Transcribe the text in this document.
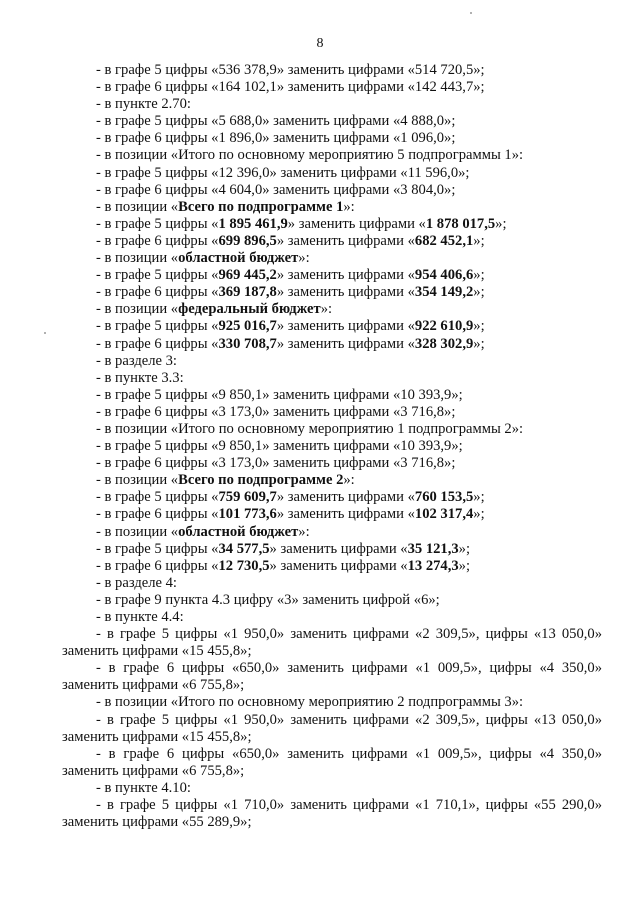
8
- в графе 5 цифры «536 378,9» заменить цифрами «514 720,5»;
- в графе 6 цифры «164 102,1» заменить цифрами «142 443,7»;
- в пункте 2.70:
- в графе 5 цифры «5 688,0» заменить цифрами «4 888,0»;
- в графе 6 цифры «1 896,0» заменить цифрами «1 096,0»;
- в позиции «Итого по основному мероприятию 5 подпрограммы 1»:
- в графе 5 цифры «12 396,0» заменить цифрами «11 596,0»;
- в графе 6 цифры «4 604,0» заменить цифрами «3 804,0»;
- в позиции «Всего по подпрограмме 1»:
- в графе 5 цифры «1 895 461,9» заменить цифрами «1 878 017,5»;
- в графе 6 цифры «699 896,5» заменить цифрами «682 452,1»;
- в позиции «областной бюджет»:
- в графе 5 цифры «969 445,2» заменить цифрами «954 406,6»;
- в графе 6 цифры «369 187,8» заменить цифрами «354 149,2»;
- в позиции «федеральный бюджет»:
- в графе 5 цифры «925 016,7» заменить цифрами «922 610,9»;
- в графе 6 цифры «330 708,7» заменить цифрами «328 302,9»;
- в разделе 3:
- в пункте 3.3:
- в графе 5 цифры «9 850,1» заменить цифрами «10 393,9»;
- в графе 6 цифры «3 173,0» заменить цифрами «3 716,8»;
- в позиции «Итого по основному мероприятию 1 подпрограммы 2»:
- в графе 5 цифры «9 850,1» заменить цифрами «10 393,9»;
- в графе 6 цифры «3 173,0» заменить цифрами «3 716,8»;
- в позиции «Всего по подпрограмме 2»:
- в графе 5 цифры «759 609,7» заменить цифрами «760 153,5»;
- в графе 6 цифры «101 773,6» заменить цифрами «102 317,4»;
- в позиции «областной бюджет»:
- в графе 5 цифры «34 577,5» заменить цифрами «35 121,3»;
- в графе 6 цифры «12 730,5» заменить цифрами «13 274,3»;
- в разделе 4:
- в графе 9 пункта 4.3 цифру «3» заменить цифрой «6»;
- в пункте 4.4:
- в графе 5 цифры «1 950,0» заменить цифрами «2 309,5», цифры «13 050,0»
заменить цифрами «15 455,8»;
- в графе 6 цифры «650,0» заменить цифрами «1 009,5», цифры «4 350,0»
заменить цифрами «6 755,8»;
- в позиции «Итого по основному мероприятию 2 подпрограммы 3»:
- в графе 5 цифры «1 950,0» заменить цифрами «2 309,5», цифры «13 050,0»
заменить цифрами «15 455,8»;
- в графе 6 цифры «650,0» заменить цифрами «1 009,5», цифры «4 350,0»
заменить цифрами «6 755,8»;
- в пункте 4.10:
- в графе 5 цифры «1 710,0» заменить цифрами «1 710,1», цифры «55 290,0»
заменить цифрами «55 289,9»;
